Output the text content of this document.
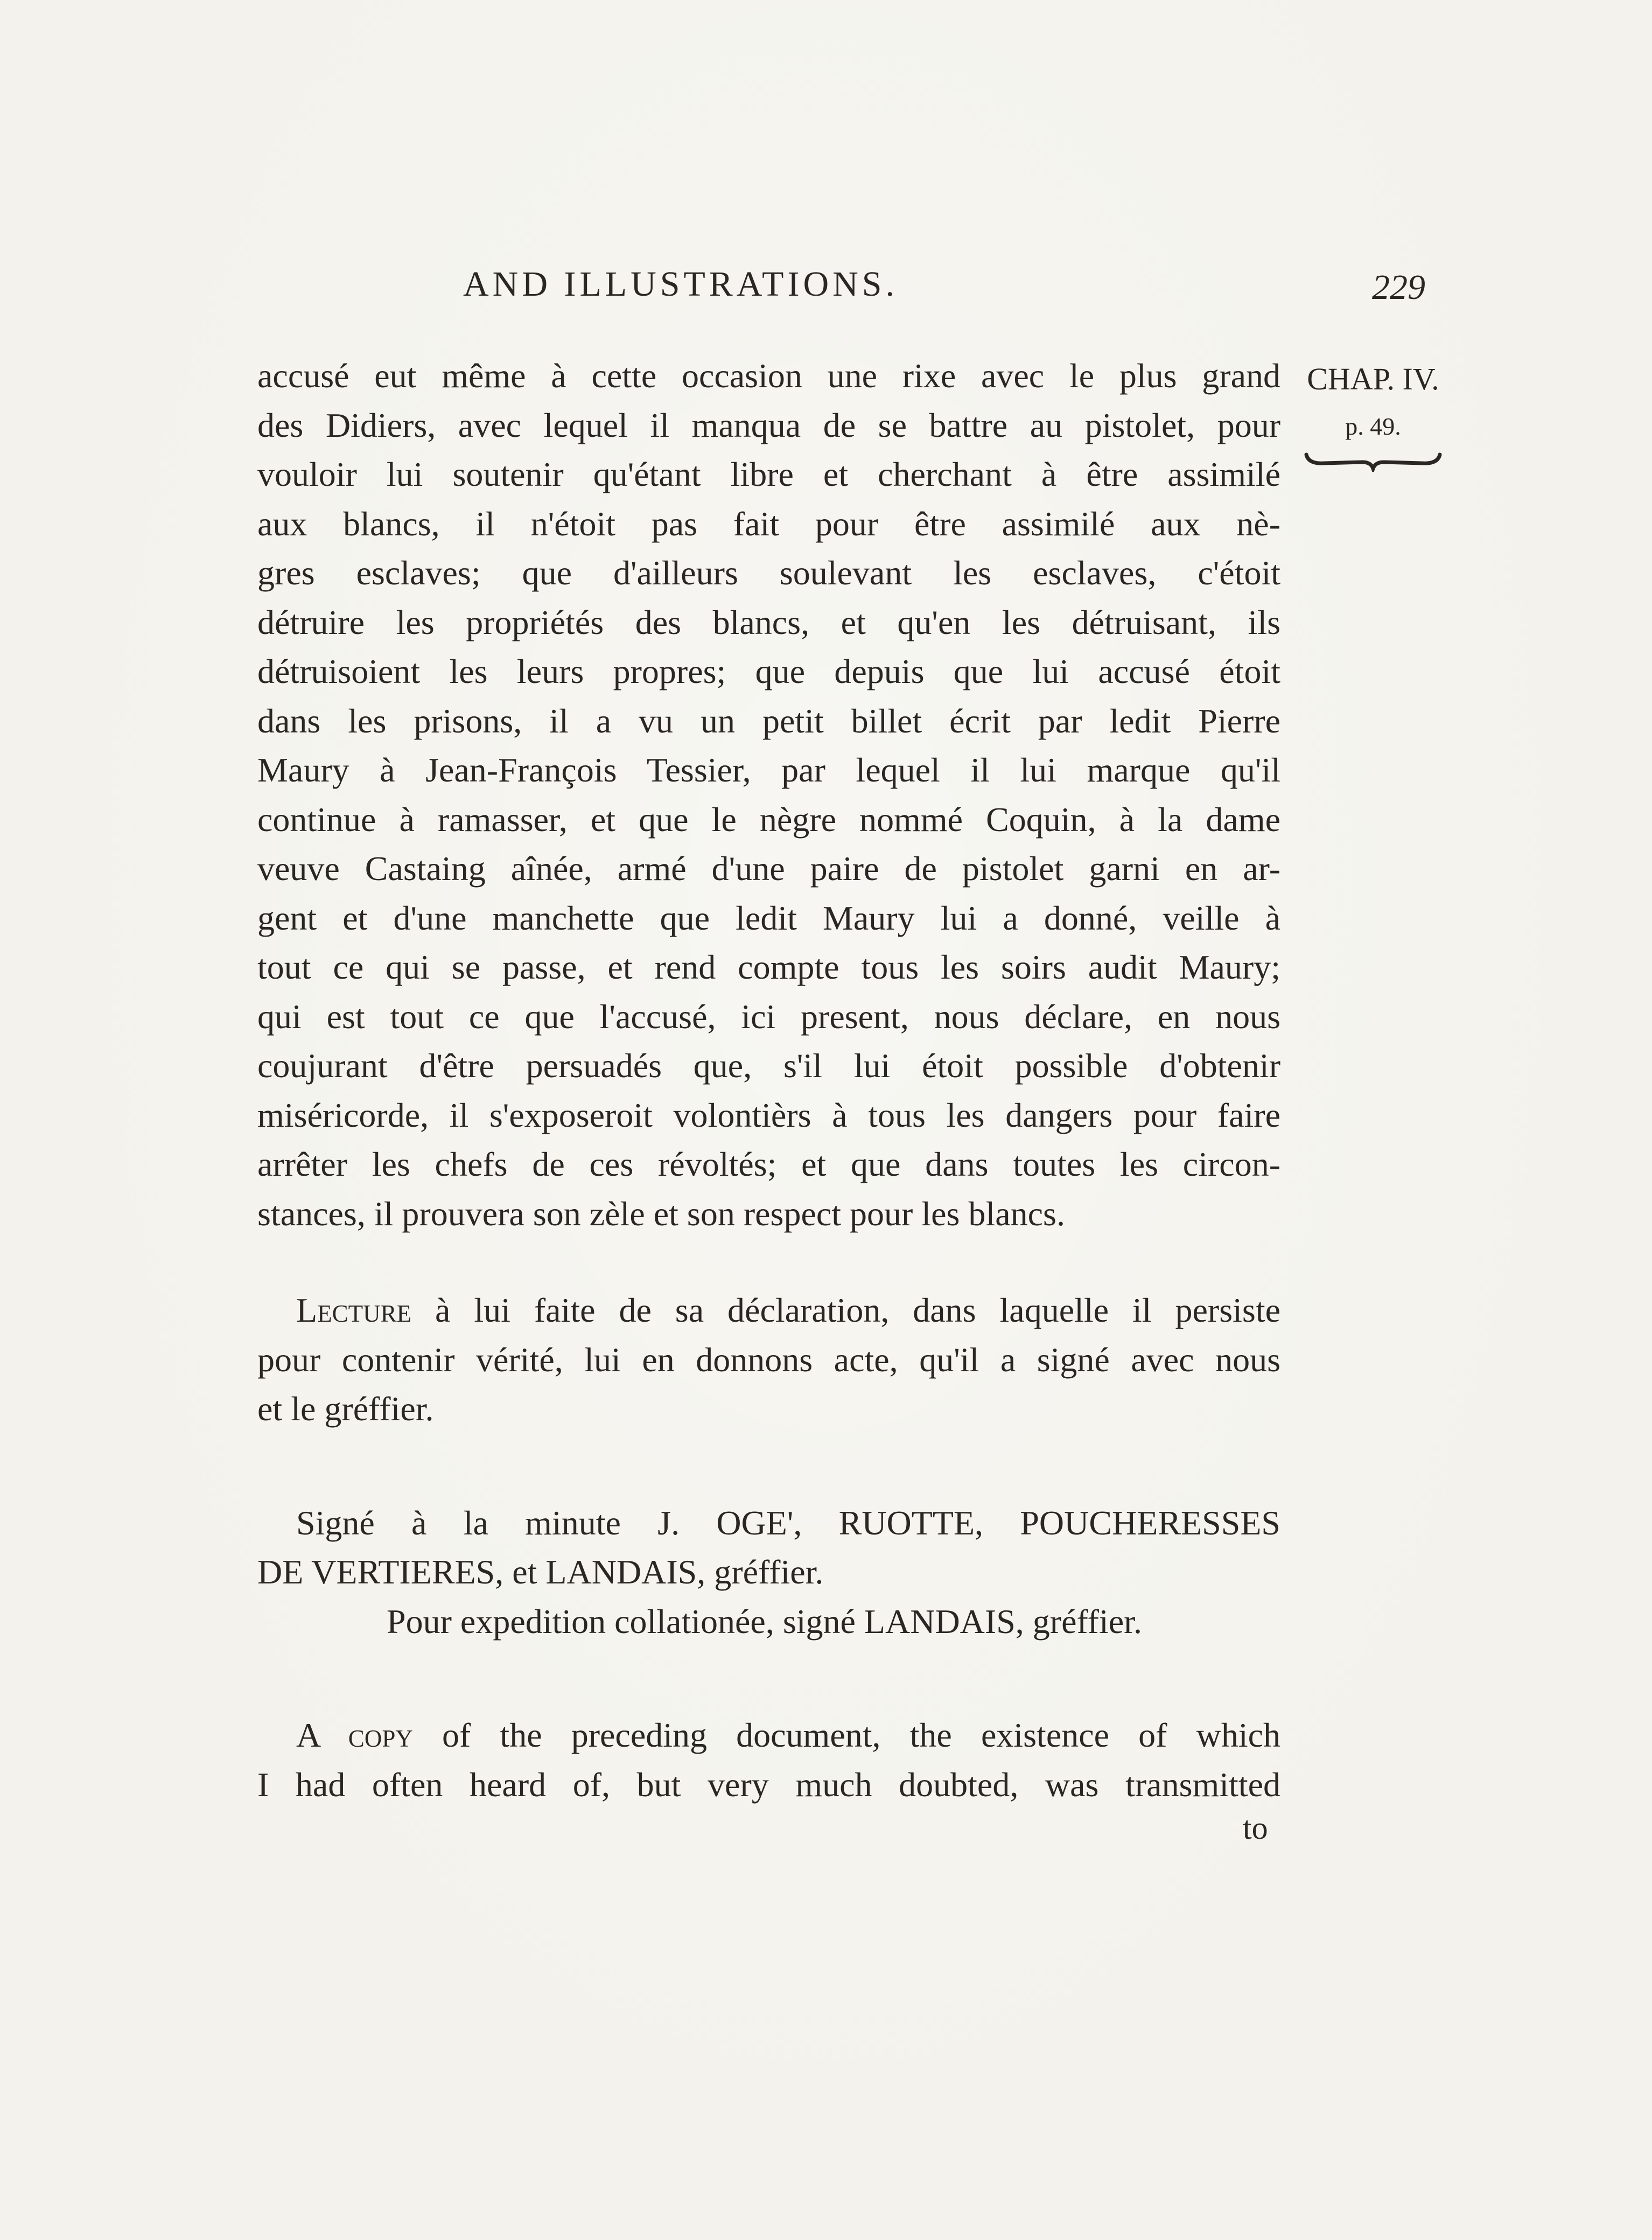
AND ILLUSTRATIONS.	229
CHAP. IV.
p. 49.
accusé eut même à cette occasion une rixe avec le plus grand
des Didiers, avec lequel il manqua de se battre au pistolet, pour
vouloir lui soutenir qu'étant libre et cherchant à être assimilé
aux blancs, il n'étoit pas fait pour être assimilé aux nè-
gres esclaves; que d'ailleurs soulevant les esclaves, c'étoit
détruire les propriétés des blancs, et qu'en les détruisant, ils
détruisoient les leurs propres; que depuis que lui accusé étoit
dans les prisons, il a vu un petit billet écrit par ledit Pierre
Maury à Jean-François Tessier, par lequel il lui marque qu'il
continue à ramasser, et que le nègre nommé Coquin, à la dame
veuve Castaing aînée, armé d'une paire de pistolet garni en ar-
gent et d'une manchette que ledit Maury lui a donné, veille à
tout ce qui se passe, et rend compte tous les soirs audit Maury;
qui est tout ce que l'accusé, ici present, nous déclare, en nous
coujurant d'être persuadés que, s'il lui étoit possible d'obtenir
miséricorde, il s'exposeroit volontièrs à tous les dangers pour faire
arrêter les chefs de ces révoltés; et que dans toutes les circon-
stances, il prouvera son zèle et son respect pour les blancs.
Lecture à lui faite de sa déclaration, dans laquelle il persiste
pour contenir vérité, lui en donnons acte, qu'il a signé avec nous
et le gréffier.
Signé à la minute J. OGE', RUOTTE, POUCHERESSES
DE VERTIERES, et LANDAIS, gréffier.
Pour expedition collationée, signé LANDAIS, gréffier.
A copy of the preceding document, the existence of which
I had often heard of, but very much doubted, was transmitted
to
